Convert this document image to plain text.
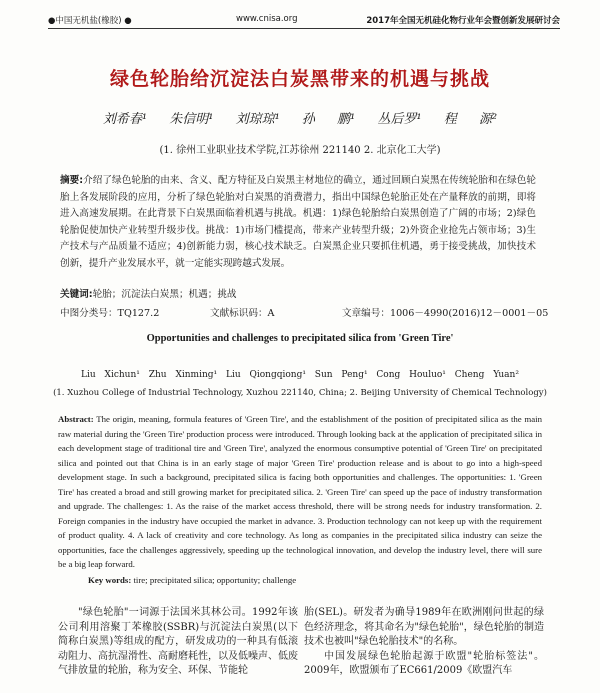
●中国无机盐(橡胶) ●	www.cnisa.org	2017年全国无机硅化物行业年会暨创新发展研讨会
绿色轮胎给沉淀法白炭黑带来的机遇与挑战
刘希春¹ 朱信明¹ 刘琼琼¹ 孙 鹏¹ 丛后罗¹ 程 源²
(1. 徐州工业职业技术学院,江苏徐州 221140 2. 北京化工大学)
摘要:介绍了绿色轮胎的由来、含义、配方特征及白炭黑主材地位的确立，通过回顾白炭黑在传统轮胎和在绿色轮胎上各发展阶段的应用，分析了绿色轮胎对白炭黑的消费潜力，指出中国绿色轮胎正处在产量释放的前期，即将进入高速发展期。在此背景下白炭黑面临着机遇与挑战。机遇：1)绿色轮胎给白炭黑创造了广阔的市场；2)绿色轮胎促使加快产业转型升级步伐。挑战：1)市场门槛提高，带来产业转型升级；2)外资企业抢先占领市场；3)生产技术与产品质量不适应；4)创新能力弱，核心技术缺乏。白炭黑企业只要抓住机遇，勇于接受挑战，加快技术创新，提升产业发展水平，就一定能实现跨越式发展。
关键词:轮胎；沉淀法白炭黑；机遇；挑战
中图分类号：TQ127.2	文献标识码：A	文章编号：1006－4990(2016)12－0001－05
Opportunities and challenges to precipitated silica from 'Green Tire'
Liu Xichun¹ Zhu Xinming¹ Liu Qiongqiong¹ Sun Peng¹ Cong Houluo¹ Cheng Yuan²
(1. Xuzhou College of Industrial Technology, Xuzhou 221140, China; 2. Beijing University of Chemical Technology)
Abstract: The origin, meaning, formula features of 'Green Tire', and the establishment of the position of precipitated silica as the main raw material during the 'Green Tire' production process were introduced. Through looking back at the application of precipitated silica in each development stage of traditional tire and 'Green Tire', analyzed the enormous consumptive potential of 'Green Tire' on precipitated silica and pointed out that China is in an early stage of major 'Green Tire' production release and is about to go into a high-speed development stage. In such a background, precipitated silica is facing both opportunities and challenges. The opportunities: 1. 'Green Tire' has created a broad and still growing market for precipitated silica. 2. 'Green Tire' can speed up the pace of industry transformation and upgrade. The challenges: 1. As the raise of the market access threshold, there will be strong needs for industry transformation. 2. Foreign companies in the industry have occupied the market in advance. 3. Production technology can not keep up with the requirement of product quality. 4. A lack of creativity and core technology. As long as companies in the precipitated silica industry can seize the opportunities, face the challenges aggressively, speeding up the technological innovation, and develop the industry level, there will sure be a big leap forward.
Key words: tire; precipitated silica; opportunity; challenge

"绿色轮胎"一词源于法国米其林公司。1992年该公司利用溶聚丁苯橡胶(SSBR)与沉淀法白炭黑(以下简称白炭黑)等组成的配方，研发成功的一种具有低滚动阻力、高抗湿滑性、高耐磨耗性，以及低噪声、低废气排放量的轮胎，称为安全、环保、节能轮

胎(SEL)。研发者为确导1989年在欧洲刚问世起的绿色经济理念，将其命名为"绿色轮胎"，绿色轮胎的制造技术也被叫"绿色轮胎技术"的名称。

中国发展绿色轮胎起源于欧盟"轮胎标签法"。2009年，欧盟颁布了EC661/2009《欧盟汽车
